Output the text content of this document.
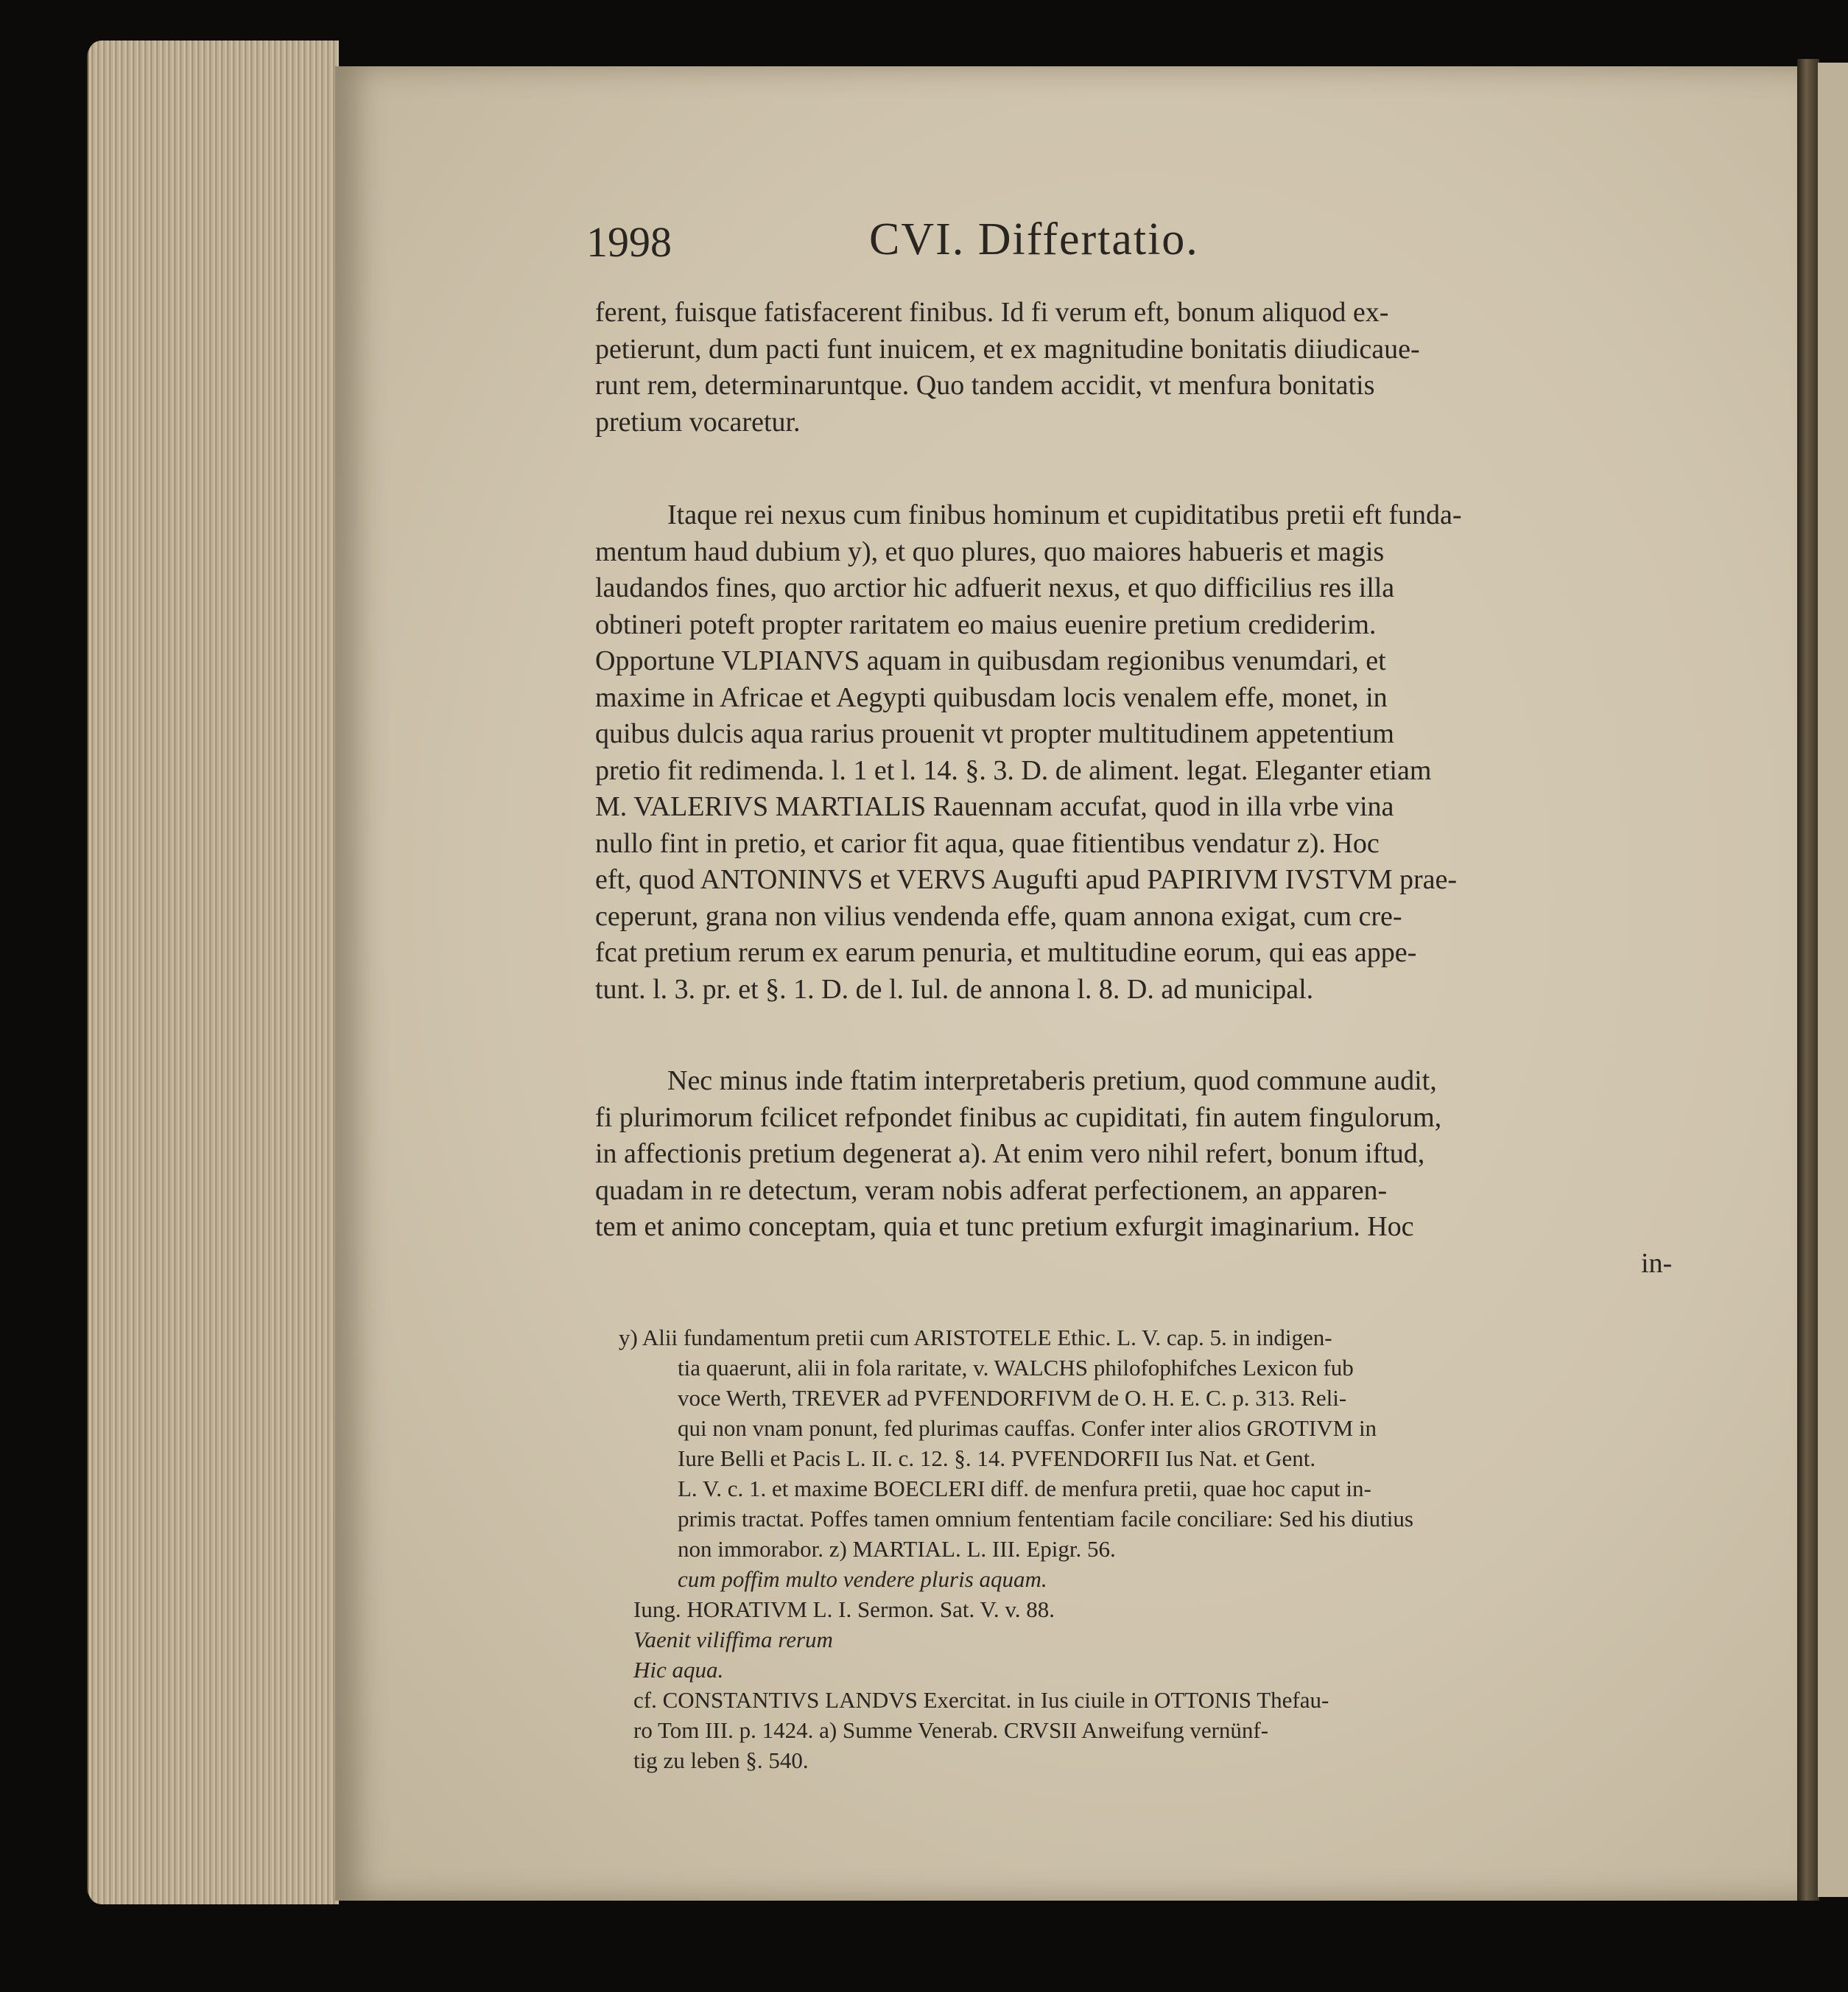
1998	CVI. Differtatio.
ferent, fuisque fatisfacerent finibus. Id fi verum eft, bonum aliquod ex-
petierunt, dum pacti funt inuicem, et ex magnitudine bonitatis diiudicaue-
runt rem, determinaruntque. Quo tandem accidit, vt menfura bonitatis
pretium vocaretur.
Itaque rei nexus cum finibus hominum et cupiditatibus pretii eft funda-
mentum haud dubium y), et quo plures, quo maiores habueris et magis
laudandos fines, quo arctior hic adfuerit nexus, et quo difficilius res illa
obtineri poteft propter raritatem eo maius euenire pretium crediderim.
Opportune VLPIANVS aquam in quibusdam regionibus venumdari, et
maxime in Africae et Aegypti quibusdam locis venalem effe, monet, in
quibus dulcis aqua rarius prouenit vt propter multitudinem appetentium
pretio fit redimenda. l. 1 et l. 14. §. 3. D. de aliment. legat. Eleganter etiam
M. VALERIVS MARTIALIS Rauennam accufat, quod in illa vrbe vina
nullo fint in pretio, et carior fit aqua, quae fitientibus vendatur z). Hoc
eft, quod ANTONINVS et VERVS Augufti apud PAPIRIVM IVSTVM prae-
ceperunt, grana non vilius vendenda effe, quam annona exigat, cum cre-
fcat pretium rerum ex earum penuria, et multitudine eorum, qui eas appe-
tunt. l. 3. pr. et §. 1. D. de l. Iul. de annona l. 8. D. ad municipal.
Nec minus inde ftatim interpretaberis pretium, quod commune audit,
fi plurimorum fcilicet refpondet finibus ac cupiditati, fin autem fingulorum,
in affectionis pretium degenerat a). At enim vero nihil refert, bonum iftud,
quadam in re detectum, veram nobis adferat perfectionem, an apparen-
tem et animo conceptam, quia et tunc pretium exfurgit imaginarium. Hoc
in-
y) Alii fundamentum pretii cum ARISTOTELE Ethic. L. V. cap. 5. in indigen-
tia quaerunt, alii in fola raritate, v. WALCHS philofophifches Lexicon fub
voce Werth, TREVER ad PVFENDORFIVM de O. H. E. C. p. 313. Reli-
qui non vnam ponunt, fed plurimas cauffas. Confer inter alios GROTIVM in
Iure Belli et Pacis L. II. c. 12. §. 14. PVFENDORFII Ius Nat. et Gent.
L. V. c. 1. et maxime BOECLERI diff. de menfura pretii, quae hoc caput in-
primis tractat. Poffes tamen omnium fententiam facile conciliare: Sed his diutius
non immorabor. z) MARTIAL. L. III. Epigr. 56.
cum poffim multo vendere pluris aquam.
Iung. HORATIVM L. I. Sermon. Sat. V. v. 88.
Vaenit viliffima rerum
Hic aqua.
cf. CONSTANTIVS LANDVS Exercitat. in Ius ciuile in OTTONIS Thefau-
ro Tom III. p. 1424. a) Summe Venerab. CRVSII Anweifung vernünf-
tig zu leben §. 540.
